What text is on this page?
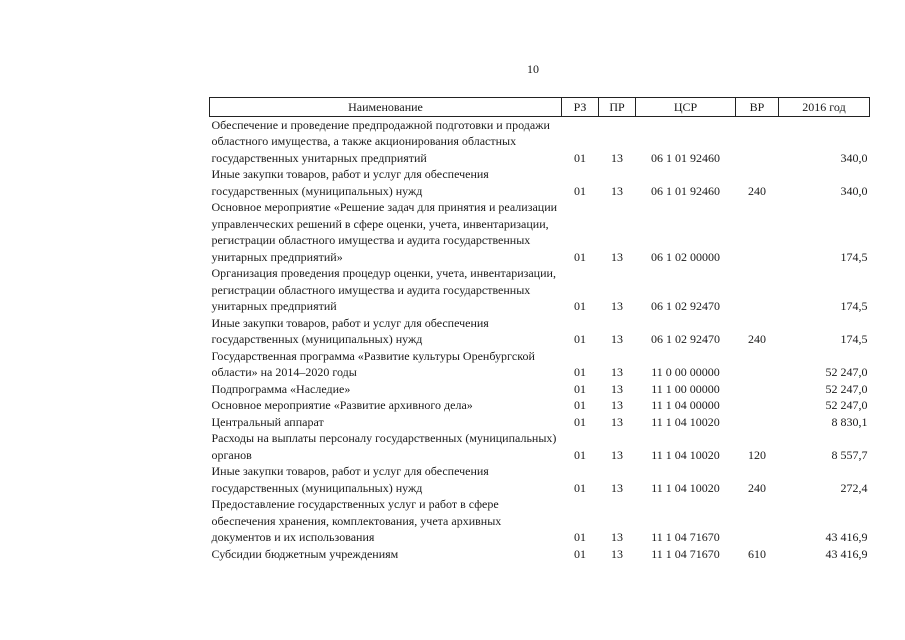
10
Наименование	РЗ	ПР	ЦСР	ВР	2016 год
Обеспечение и проведение предпродажной подготовки и продажи областного имущества, а также акционирования областных государственных унитарных предприятий	01	13	06 1 01 92460		340,0
Иные закупки товаров, работ и услуг для обеспечения государственных (муниципальных) нужд	01	13	06 1 01 92460	240	340,0
Основное мероприятие «Решение задач для принятия и реализации управленческих решений в сфере оценки, учета, инвентаризации, регистрации областного имущества и аудита государственных унитарных предприятий»	01	13	06 1 02 00000		174,5
Организация проведения процедур оценки, учета, инвентаризации, регистрации областного имущества и аудита государственных унитарных предприятий	01	13	06 1 02 92470		174,5
Иные закупки товаров, работ и услуг для обеспечения государственных (муниципальных) нужд	01	13	06 1 02 92470	240	174,5
Государственная программа «Развитие культуры Оренбургской области» на 2014–2020 годы	01	13	11 0 00 00000		52 247,0
Подпрограмма «Наследие»	01	13	11 1 00 00000		52 247,0
Основное мероприятие «Развитие архивного дела»	01	13	11 1 04 00000		52 247,0
Центральный аппарат	01	13	11 1 04 10020		8 830,1
Расходы на выплаты персоналу государственных (муниципальных) органов	01	13	11 1 04 10020	120	8 557,7
Иные закупки товаров, работ и услуг для обеспечения государственных (муниципальных) нужд	01	13	11 1 04 10020	240	272,4
Предоставление государственных услуг и работ в сфере обеспечения хранения, комплектования, учета архивных документов и их использования	01	13	11 1 04 71670		43 416,9
Субсидии бюджетным учреждениям	01	13	11 1 04 71670	610	43 416,9
